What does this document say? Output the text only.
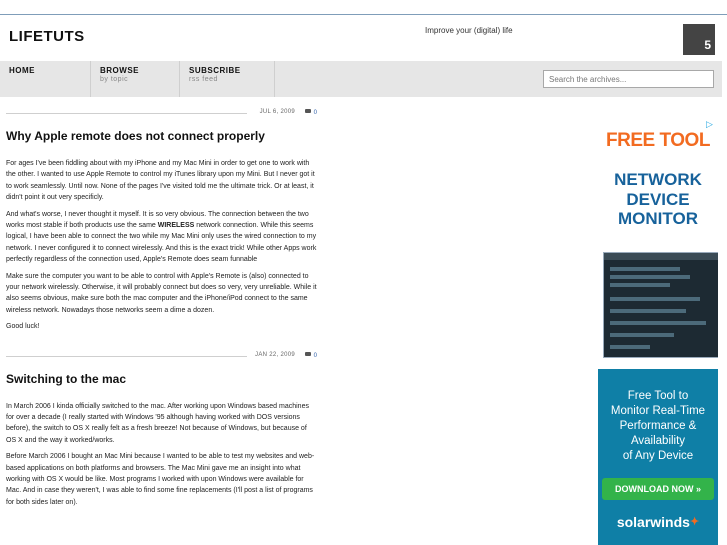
LIFETUTS	Improve your (digital) life
5
HOME	BROWSE
by topic
SUBSCRIBE
rss feed
Search the archives...
JUL 6, 2009	0
Why Apple remote does not connect properly

For ages I've been fiddling about with my iPhone and my Mac Mini in order to get one to work with the other. I wanted to use Apple Remote to control my iTunes library upon my Mini. But I never got it to work seamlessly. Until now. None of the pages I've visited told me the ultimate trick. Or at least, it didn't point it out very specificly.

And what's worse, I never thought it myself. It is so very obvious. The connection between the two works most stable if both products use the same WIRELESS network connection. While this seems logical, I have been able to connect the two while my Mac Mini only uses the wired connection to my network. I never configured it to connect wirelessly. And this is the exact trick! While other Apps work perfectly regardless of the connection used, Apple's Remote does seam funnable

Make sure the computer you want to be able to control with Apple's Remote is (also) connected to your network wirelessly. Otherwise, it will probably connect but does so very, very unreliable. While it also seems obvious, make sure both the mac computer and the iPhone/iPod connect to the same wireless network. Nowadays those networks seem a dime a dozen.

Good luck!

JAN 22, 2009	0
Switching to the mac

In March 2006 I kinda officially switched to the mac. After working upon Windows based machines for over a decade (I really started with Windows '95 although having worked with DOS versions before), the switch to OS X really felt as a fresh breeze! Not because of Windows, but because of OS X and the way it worked/works.

Before March 2006 I bought an Mac Mini because I wanted to be able to test my websites and web-based applications on both platforms and browsers. The Mac Mini gave me an insight into what working with OS X would be like. Most programs I worked with upon Windows were available for Mac. And in case they weren't, I was able to find some fine replacements (I'll post a list of programs for both sides later on).

▷
FREE TOOL
NETWORK
DEVICE
MONITOR
Free Tool to
Monitor Real-Time
Performance &
Availability
of Any Device
DOWNLOAD NOW »
solarwinds✦
